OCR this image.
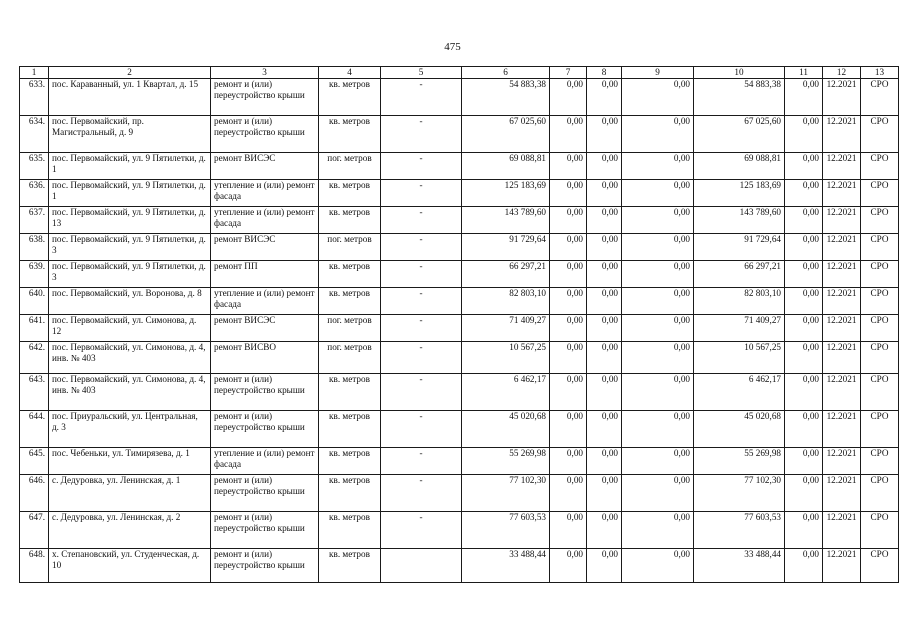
475
1	2	3	4	5	6	7	8	9	10	11	12	13
633.	пос. Караванный, ул. 1 Квартал, д. 15	ремонт и (или) переустройство крыши	кв. метров	-	54 883,38	0,00	0,00	0,00	54 883,38	0,00	12.2021	СРО
634.	пос. Первомайский, пр. Магистральный, д. 9	ремонт и (или) переустройство крыши	кв. метров	-	67 025,60	0,00	0,00	0,00	67 025,60	0,00	12.2021	СРО
635.	пос. Первомайский, ул. 9 Пятилетки, д. 1	ремонт ВИСЭС	пог. метров	-	69 088,81	0,00	0,00	0,00	69 088,81	0,00	12.2021	СРО
636.	пос. Первомайский, ул. 9 Пятилетки, д. 1	утепление и (или) ремонт фасада	кв. метров	-	125 183,69	0,00	0,00	0,00	125 183,69	0,00	12.2021	СРО
637.	пос. Первомайский, ул. 9 Пятилетки, д. 13	утепление и (или) ремонт фасада	кв. метров	-	143 789,60	0,00	0,00	0,00	143 789,60	0,00	12.2021	СРО
638.	пос. Первомайский, ул. 9 Пятилетки, д. 3	ремонт ВИСЭС	пог. метров	-	91 729,64	0,00	0,00	0,00	91 729,64	0,00	12.2021	СРО
639.	пос. Первомайский, ул. 9 Пятилетки, д. 3	ремонт ПП	кв. метров	-	66 297,21	0,00	0,00	0,00	66 297,21	0,00	12.2021	СРО
640.	пос. Первомайский, ул. Воронова, д. 8	утепление и (или) ремонт фасада	кв. метров	-	82 803,10	0,00	0,00	0,00	82 803,10	0,00	12.2021	СРО
641.	пос. Первомайский, ул. Симонова, д. 12	ремонт ВИСЭС	пог. метров	-	71 409,27	0,00	0,00	0,00	71 409,27	0,00	12.2021	СРО
642.	пос. Первомайский, ул. Симонова, д. 4, инв. № 403	ремонт ВИСВО	пог. метров	-	10 567,25	0,00	0,00	0,00	10 567,25	0,00	12.2021	СРО
643.	пос. Первомайский, ул. Симонова, д. 4, инв. № 403	ремонт и (или) переустройство крыши	кв. метров	-	6 462,17	0,00	0,00	0,00	6 462,17	0,00	12.2021	СРО
644.	пос. Приуральский, ул. Центральная, д. 3	ремонт и (или) переустройство крыши	кв. метров	-	45 020,68	0,00	0,00	0,00	45 020,68	0,00	12.2021	СРО
645.	пос. Чебеньки, ул. Тимирязева, д. 1	утепление и (или) ремонт фасада	кв. метров	-	55 269,98	0,00	0,00	0,00	55 269,98	0,00	12.2021	СРО
646.	с. Дедуровка, ул. Ленинская, д. 1	ремонт и (или) переустройство крыши	кв. метров	-	77 102,30	0,00	0,00	0,00	77 102,30	0,00	12.2021	СРО
647.	с. Дедуровка, ул. Ленинская, д. 2	ремонт и (или) переустройство крыши	кв. метров	-	77 603,53	0,00	0,00	0,00	77 603,53	0,00	12.2021	СРО
648.	х. Степановский, ул. Студенческая, д. 10	ремонт и (или) переустройство крыши	кв. метров		33 488,44	0,00	0,00	0,00	33 488,44	0,00	12.2021	СРО
